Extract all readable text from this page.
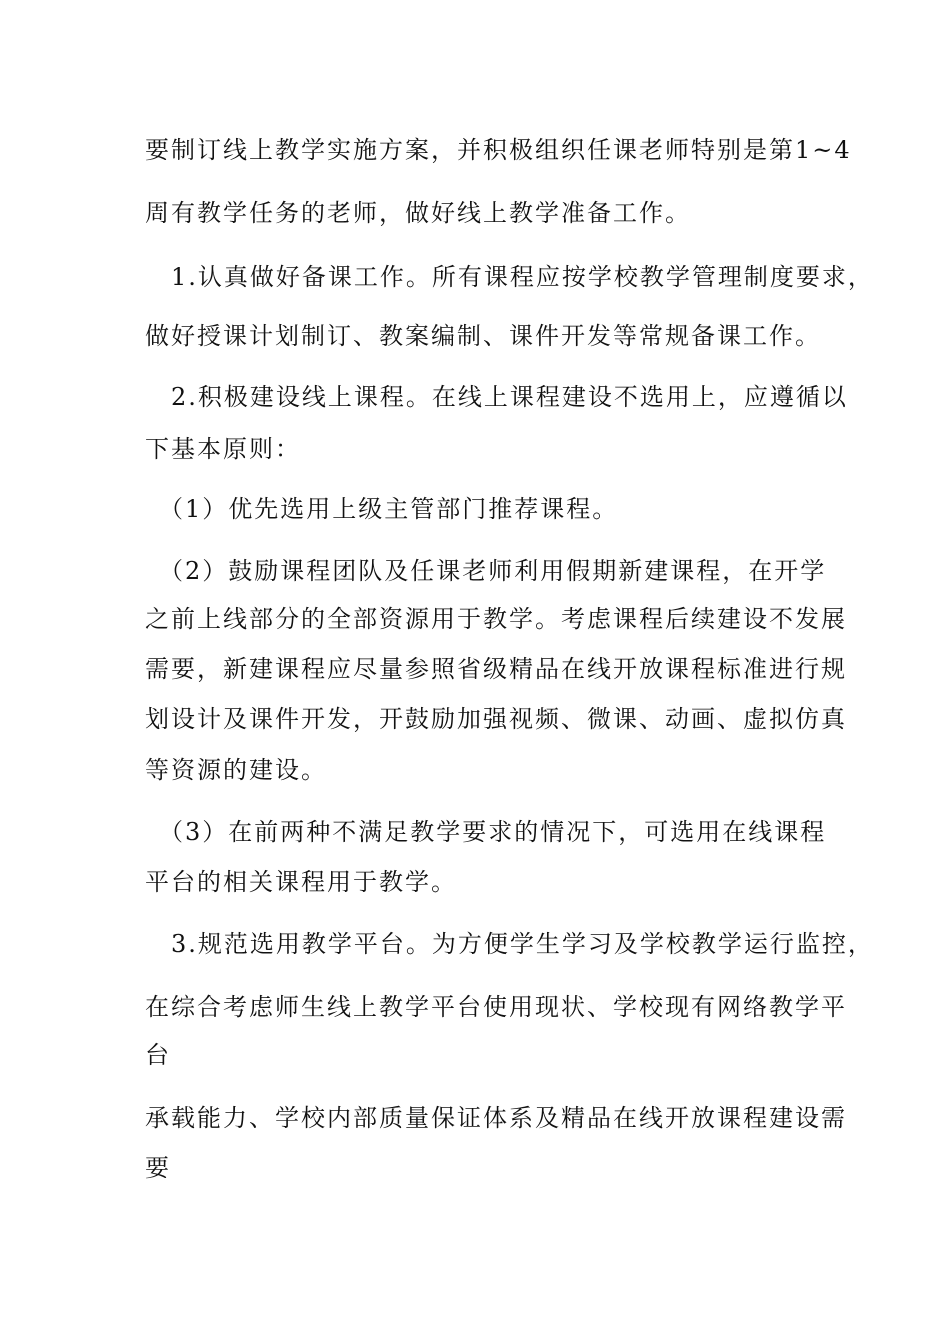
要制订线上教学实施方案，并积极组织任课老师特别是第1~4
周有教学任务的老师，做好线上教学准备工作。
　1.认真做好备课工作。所有课程应按学校教学管理制度要求，
做好授课计划制订、教案编制、课件开发等常规备课工作。
　2.积极建设线上课程。在线上课程建设不选用上，应遵循以
下基本原则：
　（1）优先选用上级主管部门推荐课程。
　（2）鼓励课程团队及任课老师利用假期新建课程，在开学
之前上线部分的全部资源用于教学。考虑课程后续建设不发展
需要，新建课程应尽量参照省级精品在线开放课程标准进行规
划设计及课件开发，开鼓励加强视频、微课、动画、虚拟仿真
等资源的建设。
　（3）在前两种不满足教学要求的情况下，可选用在线课程
平台的相关课程用于教学。
　3.规范选用教学平台。为方便学生学习及学校教学运行监控，
在综合考虑师生线上教学平台使用现状、学校现有网络教学平
台
承载能力、学校内部质量保证体系及精品在线开放课程建设需
要
